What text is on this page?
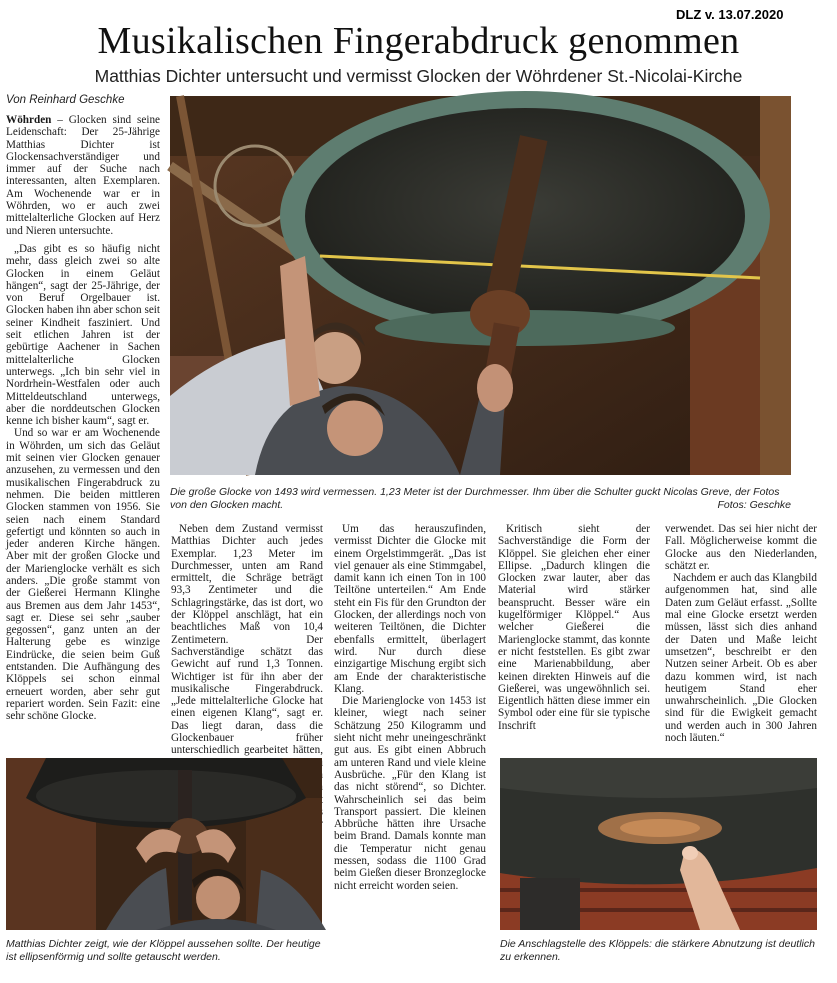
DLZ v. 13.07.2020
Musikalischen Fingerabdruck genommen
Matthias Dichter untersucht und vermisst Glocken der Wöhrdener St.-Nicolai-Kirche
Von Reinhard Geschke

Wöhrden – Glocken sind seine Leidenschaft: Der 25-Jährige Matthias Dichter ist Glockensachverständiger und immer auf der Suche nach interessanten, alten Exemplaren. Am Wochenende war er in Wöhrden, wo er auch zwei mittelalterliche Glocken auf Herz und Nieren untersuchte.

„Das gibt es so häufig nicht mehr, dass gleich zwei so alte Glocken in einem Geläut hängen“, sagt der 25-Jährige, der von Beruf Orgelbauer ist. Glocken haben ihn aber schon seit seiner Kindheit fasziniert. Und seit etlichen Jahren ist der gebürtige Aachener in Sachen mittelalterliche Glocken unterwegs. „Ich bin sehr viel in Nordrhein-Westfalen oder auch Mitteldeutschland unterwegs, aber die norddeutschen Glocken kenne ich bisher kaum“, sagt er.

Und so war er am Wochenende in Wöhrden, um sich das Geläut mit seinen vier Glocken genauer anzusehen, zu vermessen und den musikalischen Fingerabdruck zu nehmen. Die beiden mittleren Glocken stammen von 1956. Sie seien nach einem Standard gefertigt und könnten so auch in jeder anderen Kirche hängen. Aber mit der großen Glocke und der Marienglocke verhält es sich anders. „Die große stammt von der Gießerei Hermann Klinghe aus Bremen aus dem Jahr 1453“, sagt er. Diese sei sehr „sauber gegossen“, ganz unten an der Halterung gebe es winzige Eindrücke, die seien beim Guß entstanden. Die Aufhängung des Klöppels sei schon einmal erneuert worden, aber sehr gut repariert worden. Sein Fazit: eine sehr schöne Glocke.

Die große Glocke von 1493 wird vermessen. 1,23 Meter ist der Durchmesser. Ihm über die Schulter guckt Nicolas Greve, der Fotos von den Glocken macht.	Fotos: Geschke

Neben dem Zustand vermisst Matthias Dichter auch jedes Exemplar. 1,23 Meter im Durchmesser, unten am Rand ermittelt, die Schräge beträgt 93,3 Zentimeter und die Schlagringstärke, das ist dort, wo der Klöppel anschlägt, hat ein beachtliches Maß von 10,4 Zentimetern. Der Sachverständige schätzt das Gewicht auf rund 1,3 Tonnen. Wichtiger ist für ihn aber der musikalische Fingerabdruck. „Jede mittelalterliche Glocke hat einen eigenen Klang“, sagt er. Das liegt daran, dass die Glockenbauer früher unterschiedlich gearbeitet hätten,

Um das herauszufinden, vermisst Dichter die Glocke mit einem Orgelstimmgerät. „Das ist viel genauer als eine Stimmgabel, damit kann ich einen Ton in 100 Teiltöne unterteilen.“ Am Ende steht ein Fis für den Grundton der Glocken, der allerdings noch von weiteren Teiltönen, die Dichter ebenfalls ermittelt, überlagert wird. Nur durch diese einzigartige Mischung ergibt sich am Ende der charakteristische Klang.

Die Marienglocke von 1453 ist kleiner, wiegt nach seiner Schätzung 250 Kilogramm und sieht nicht mehr uneingeschränkt gut aus. Es gibt einen Abbruch am unteren Rand und viele kleine Ausbrüche. „Für den Klang ist das nicht störend“, so Dichter. Wahrscheinlich sei das beim Transport passiert. Die kleinen Abbrüche hätten ihre Ursache beim Brand. Damals konnte man die Temperatur nicht genau messen, sodass die 1100 Grad beim Gießen dieser Bronzeglocke nicht erreicht worden seien.

Kritisch sieht der Sachverständige die Form der Klöppel. Sie gleichen eher einer Ellipse. „Dadurch klingen die Glocken zwar lauter, aber das Material wird stärker beansprucht. Besser wäre ein kugelförmiger Klöppel.“ Aus welcher Gießerei die Marienglocke stammt, das konnte er nicht feststellen. Es gibt zwar eine Marienabbildung, aber keinen direkten Hinweis auf die Gießerei, was ungewöhnlich sei. Eigentlich hätten diese immer ein Symbol oder eine für sie typische Inschrift

verwendet. Das sei hier nicht der Fall. Möglicherweise kommt die Glocke aus den Niederlanden, schätzt er.

Nachdem er auch das Klangbild aufgenommen hat, sind alle Daten zum Geläut erfasst. „Sollte mal eine Glocke ersetzt werden müssen, lässt sich dies anhand der Daten und Maße leicht umsetzen“, beschreibt er den Nutzen seiner Arbeit. Ob es aber dazu kommen wird, ist nach heutigem Stand eher unwahrscheinlich. „Die Glocken sind für die Ewigkeit gemacht und werden auch in 300 Jahren noch läuten.“

Matthias Dichter zeigt, wie der Klöppel aussehen sollte. Der heutige ist ellipsenförmig und sollte getauscht werden.
Die Anschlagstelle des Klöppels: die stärkere Abnutzung ist deutlich zu erkennen.
